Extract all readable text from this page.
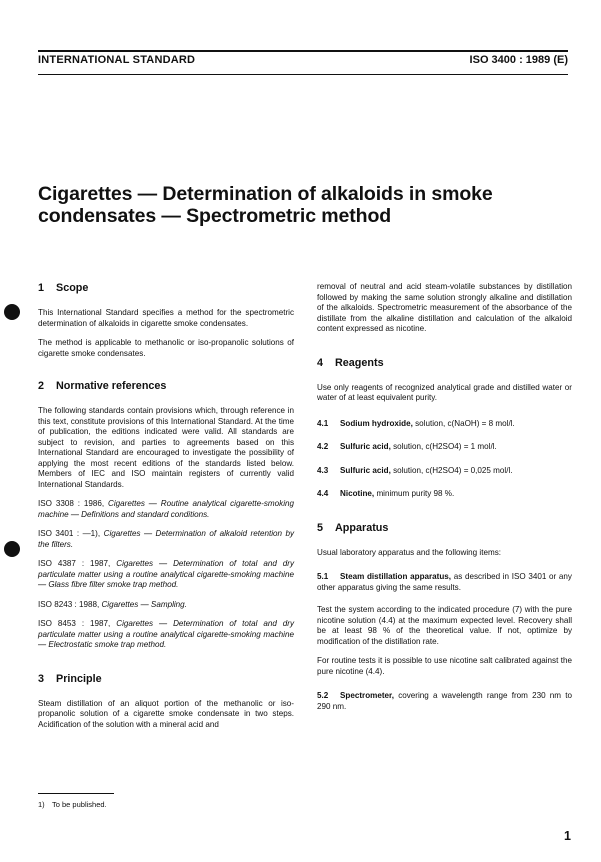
INTERNATIONAL STANDARD	ISO 3400 : 1989 (E)
Cigarettes — Determination of alkaloids in smoke
condensates — Spectrometric method
1 Scope

This International Standard specifies a method for the spectrometric determination of alkaloids in cigarette smoke condensates.

The method is applicable to methanolic or iso-propanolic solutions of cigarette smoke condensates.

2 Normative references

The following standards contain provisions which, through reference in this text, constitute provisions of this International Standard. At the time of publication, the editions indicated were valid. All standards are subject to revision, and parties to agreements based on this International Standard are encouraged to investigate the possibility of applying the most recent editions of the standards listed below. Members of IEC and ISO maintain registers of currently valid International Standards.

ISO 3308 : 1986, Cigarettes — Routine analytical cigarette-smoking machine — Definitions and standard conditions.

ISO 3401 : —1), Cigarettes — Determination of alkaloid retention by the filters.

ISO 4387 : 1987, Cigarettes — Determination of total and dry particulate matter using a routine analytical cigarette-smoking machine — Glass fibre filter smoke trap method.

ISO 8243 : 1988, Cigarettes — Sampling.

ISO 8453 : 1987, Cigarettes — Determination of total and dry particulate matter using a routine analytical cigarette-smoking machine — Electrostatic smoke trap method.

3 Principle

Steam distillation of an aliquot portion of the methanolic or iso-propanolic solution of a cigarette smoke condensate in two steps. Acidification of the solution with a mineral acid and

removal of neutral and acid steam-volatile substances by distillation followed by making the same solution strongly alkaline and distillation of the alkaloids. Spectrometric measurement of the absorbance of the distillate from the alkaline distillation and calculation of the alkaloid content expressed as nicotine.

4 Reagents

Use only reagents of recognized analytical grade and distilled water or water of at least equivalent purity.

4.1 Sodium hydroxide, solution, c(NaOH) = 8 mol/l.
4.2 Sulfuric acid, solution, c(H2SO4) = 1 mol/l.
4.3 Sulfuric acid, solution, c(H2SO4) = 0,025 mol/l.
4.4 Nicotine, minimum purity 98 %.
5 Apparatus

Usual laboratory apparatus and the following items:

5.1 Steam distillation apparatus, as described in ISO 3401 or any other apparatus giving the same results.

Test the system according to the indicated procedure (7) with the pure nicotine solution (4.4) at the maximum expected level. Recovery shall be at least 98 % of the theoretical value. If not, optimize by modification of the distillation rate.

For routine tests it is possible to use nicotine salt calibrated against the pure nicotine (4.4).

5.2 Spectrometer, covering a wavelength range from 230 nm to 290 nm.

1) To be published.
1
